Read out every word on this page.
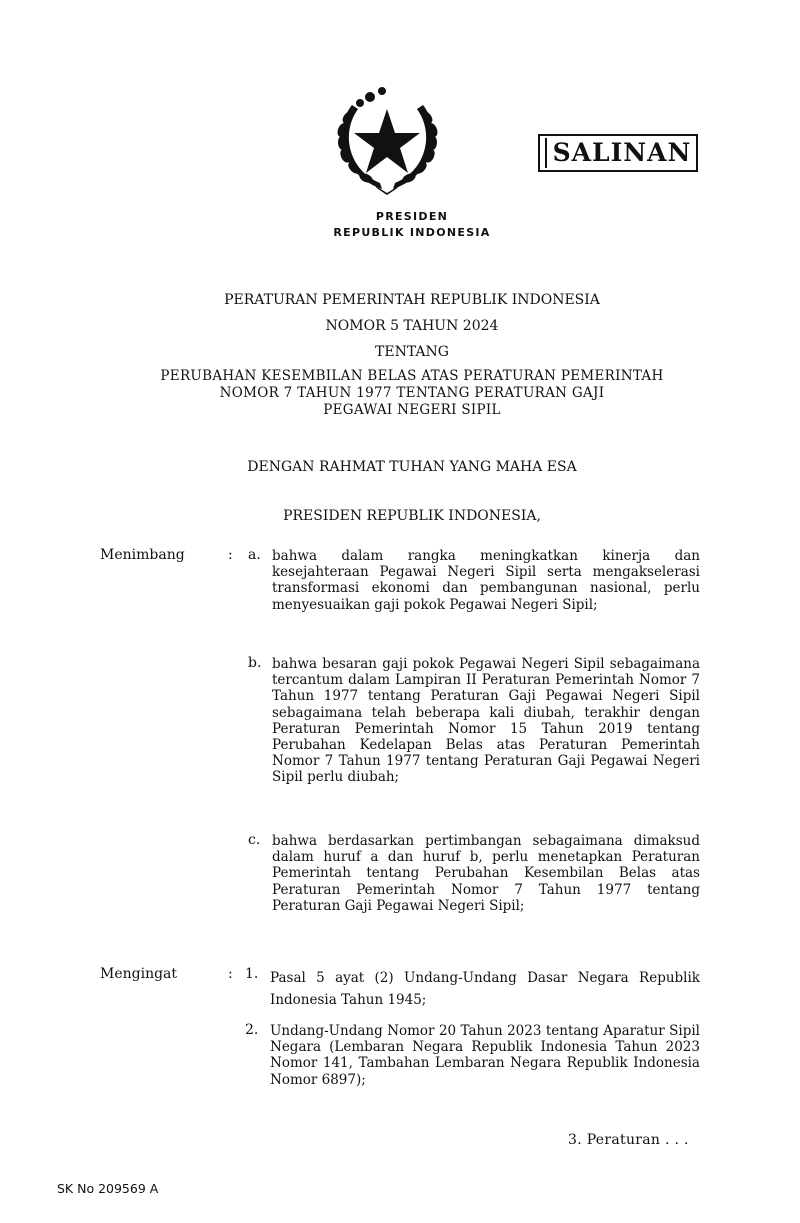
SALINAN
PRESIDEN
REPUBLIK INDONESIA
PERATURAN PEMERINTAH REPUBLIK INDONESIA
NOMOR 5 TAHUN 2024
TENTANG
PERUBAHAN KESEMBILAN BELAS ATAS PERATURAN PEMERINTAH
NOMOR 7 TAHUN 1977 TENTANG PERATURAN GAJI
PEGAWAI NEGERI SIPIL
DENGAN RAHMAT TUHAN YANG MAHA ESA
PRESIDEN REPUBLIK INDONESIA,
Menimbang	: a. bahwa dalam rangka meningkatkan kinerja dan kesejahteraan Pegawai Negeri Sipil serta mengakselerasi transformasi ekonomi dan pembangunan nasional, perlu menyesuaikan gaji pokok Pegawai Negeri Sipil;
b. bahwa besaran gaji pokok Pegawai Negeri Sipil sebagaimana tercantum dalam Lampiran II Peraturan Pemerintah Nomor 7 Tahun 1977 tentang Peraturan Gaji Pegawai Negeri Sipil sebagaimana telah beberapa kali diubah, terakhir dengan Peraturan Pemerintah Nomor 15 Tahun 2019 tentang Perubahan Kedelapan Belas atas Peraturan Pemerintah Nomor 7 Tahun 1977 tentang Peraturan Gaji Pegawai Negeri Sipil perlu diubah;
c. bahwa berdasarkan pertimbangan sebagaimana dimaksud dalam huruf a dan huruf b, perlu menetapkan Peraturan Pemerintah tentang Perubahan Kesembilan Belas atas Peraturan Pemerintah Nomor 7 Tahun 1977 tentang Peraturan Gaji Pegawai Negeri Sipil;
Mengingat	: 1. Pasal 5 ayat (2) Undang-Undang Dasar Negara Republik Indonesia Tahun 1945;
2. Undang-Undang Nomor 20 Tahun 2023 tentang Aparatur Sipil Negara (Lembaran Negara Republik Indonesia Tahun 2023 Nomor 141, Tambahan Lembaran Negara Republik Indonesia Nomor 6897);
3. Peraturan . . .
SK No 209569 A
